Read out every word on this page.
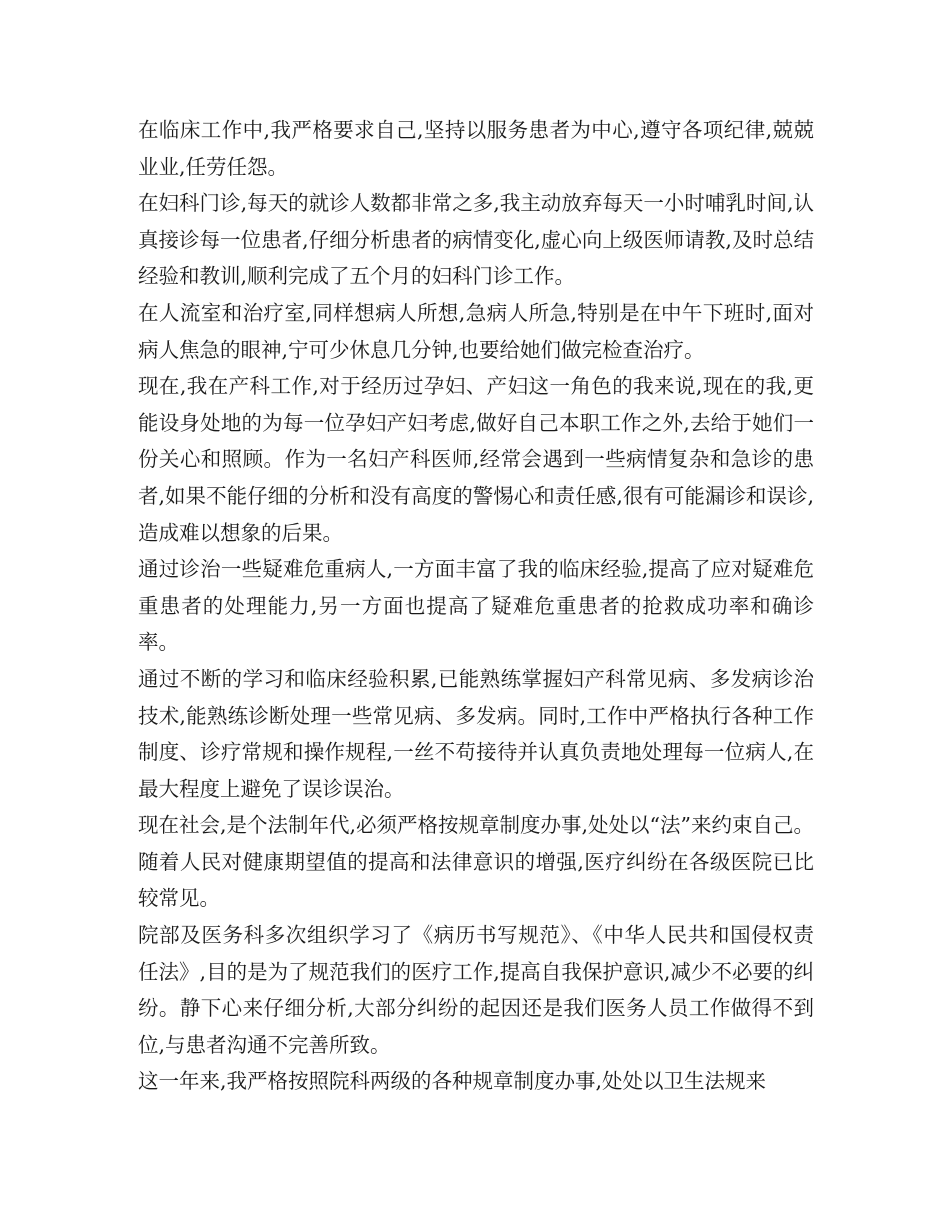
在临床工作中,我严格要求自己,坚持以服务患者为中心,遵守各项纪律,兢兢业业,任劳任怨。

在妇科门诊,每天的就诊人数都非常之多,我主动放弃每天一小时哺乳时间,认真接诊每一位患者,仔细分析患者的病情变化,虚心向上级医师请教,及时总结经验和教训,顺利完成了五个月的妇科门诊工作。

在人流室和治疗室,同样想病人所想,急病人所急,特别是在中午下班时,面对病人焦急的眼神,宁可少休息几分钟,也要给她们做完检查治疗。

现在,我在产科工作,对于经历过孕妇、产妇这一角色的我来说,现在的我,更能设身处地的为每一位孕妇产妇考虑,做好自己本职工作之外,去给于她们一份关心和照顾。作为一名妇产科医师,经常会遇到一些病情复杂和急诊的患者,如果不能仔细的分析和没有高度的警惕心和责任感,很有可能漏诊和误诊,造成难以想象的后果。

通过诊治一些疑难危重病人,一方面丰富了我的临床经验,提高了应对疑难危重患者的处理能力,另一方面也提高了疑难危重患者的抢救成功率和确诊率。

通过不断的学习和临床经验积累,已能熟练掌握妇产科常见病、多发病诊治技术,能熟练诊断处理一些常见病、多发病。同时,工作中严格执行各种工作制度、诊疗常规和操作规程,一丝不苟接待并认真负责地处理每一位病人,在最大程度上避免了误诊误治。

现在社会,是个法制年代,必须严格按规章制度办事,处处以“法”来约束自己。随着人民对健康期望值的提高和法律意识的增强,医疗纠纷在各级医院已比较常见。

院部及医务科多次组织学习了《病历书写规范》、《中华人民共和国侵权责任法》,目的是为了规范我们的医疗工作,提高自我保护意识,减少不必要的纠纷。静下心来仔细分析,大部分纠纷的起因还是我们医务人员工作做得不到位,与患者沟通不完善所致。

这一年来,我严格按照院科两级的各种规章制度办事,处处以卫生法规来
